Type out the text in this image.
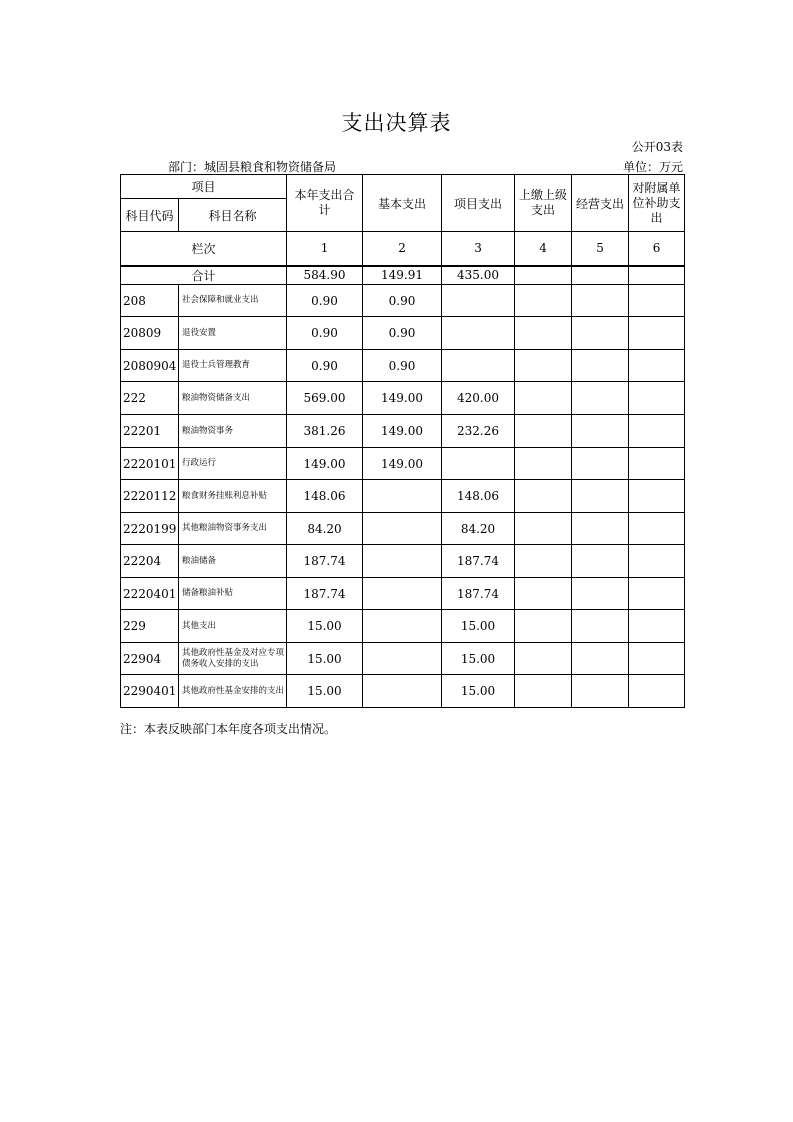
支出决算表
公开03表
部门：城固县粮食和物资储备局	单位：万元
项目		本年支出合计	基本支出	项目支出	上缴上级支出	经营支出	对附属单位补助支出

科目代码	科目名称						
栏次		1	2	3	4	5	6
合计		584.90	149.91	435.00			
208	社会保障和就业支出	0.90	0.90				
20809	退役安置	0.90	0.90				
2080904	退役士兵管理教育	0.90	0.90				
222	粮油物资储备支出	569.00	149.00	420.00			
22201	粮油物资事务	381.26	149.00	232.26			
2220101	行政运行	149.00	149.00				
2220112	粮食财务挂账利息补贴	148.06		148.06			
2220199	其他粮油物资事务支出	84.20		84.20			
22204	粮油储备	187.74		187.74			
2220401	储备粮油补贴	187.74		187.74			
229	其他支出	15.00		15.00			
22904	其他政府性基金及对应专项债务收入安排的支出	15.00		15.00			
2290401	其他政府性基金安排的支出	15.00		15.00			
注：本表反映部门本年度各项支出情况。
